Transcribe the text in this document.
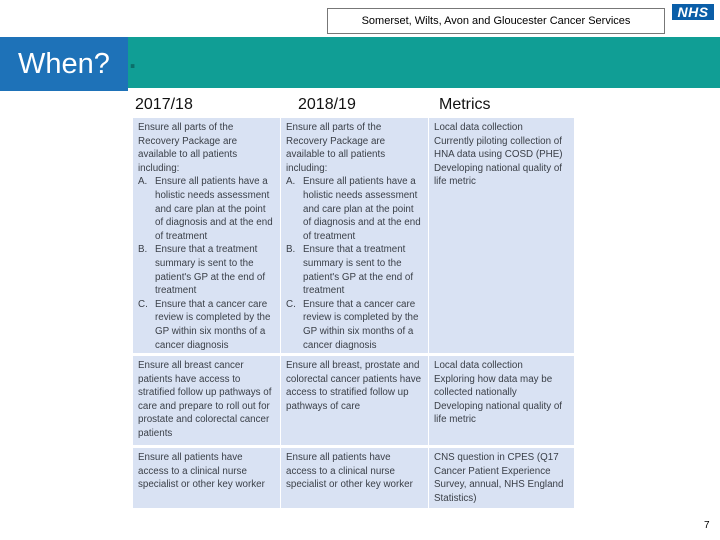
Somerset, Wilts, Avon and Gloucester Cancer Services
NHS
.
When?
2017/18	2018/19	Metrics

Ensure all parts of the Recovery Package are available to all patients including:

A. Ensure all patients have a holistic needs assessment and care plan at the point of diagnosis and at the end of treatment
B. Ensure that a treatment summary is sent to the patient's GP at the end of treatment
C. Ensure that a cancer care review is completed by the GP within six months of a cancer diagnosis

Ensure all parts of the Recovery Package are available to all patients including:

A. Ensure all patients have a holistic needs assessment and care plan at the point of diagnosis and at the end of treatment
B. Ensure that a treatment summary is sent to the patient's GP at the end of treatment
C. Ensure that a cancer care review is completed by the GP within six months of a cancer diagnosis

Local data collection

Currently piloting collection of HNA data using COSD (PHE)

Developing national quality of life metric

Ensure all breast cancer patients have access to stratified follow up pathways of care and prepare to roll out for prostate and colorectal cancer patients

Ensure all breast, prostate and colorectal cancer patients have access to stratified follow up pathways of care

Local data collection

Exploring how data may be collected nationally

Developing national quality of life metric

Ensure all patients have access to a clinical nurse specialist or other key worker

Ensure all patients have access to a clinical nurse specialist or other key worker

CNS question in CPES (Q17 Cancer Patient Experience Survey, annual, NHS England Statistics)

7
